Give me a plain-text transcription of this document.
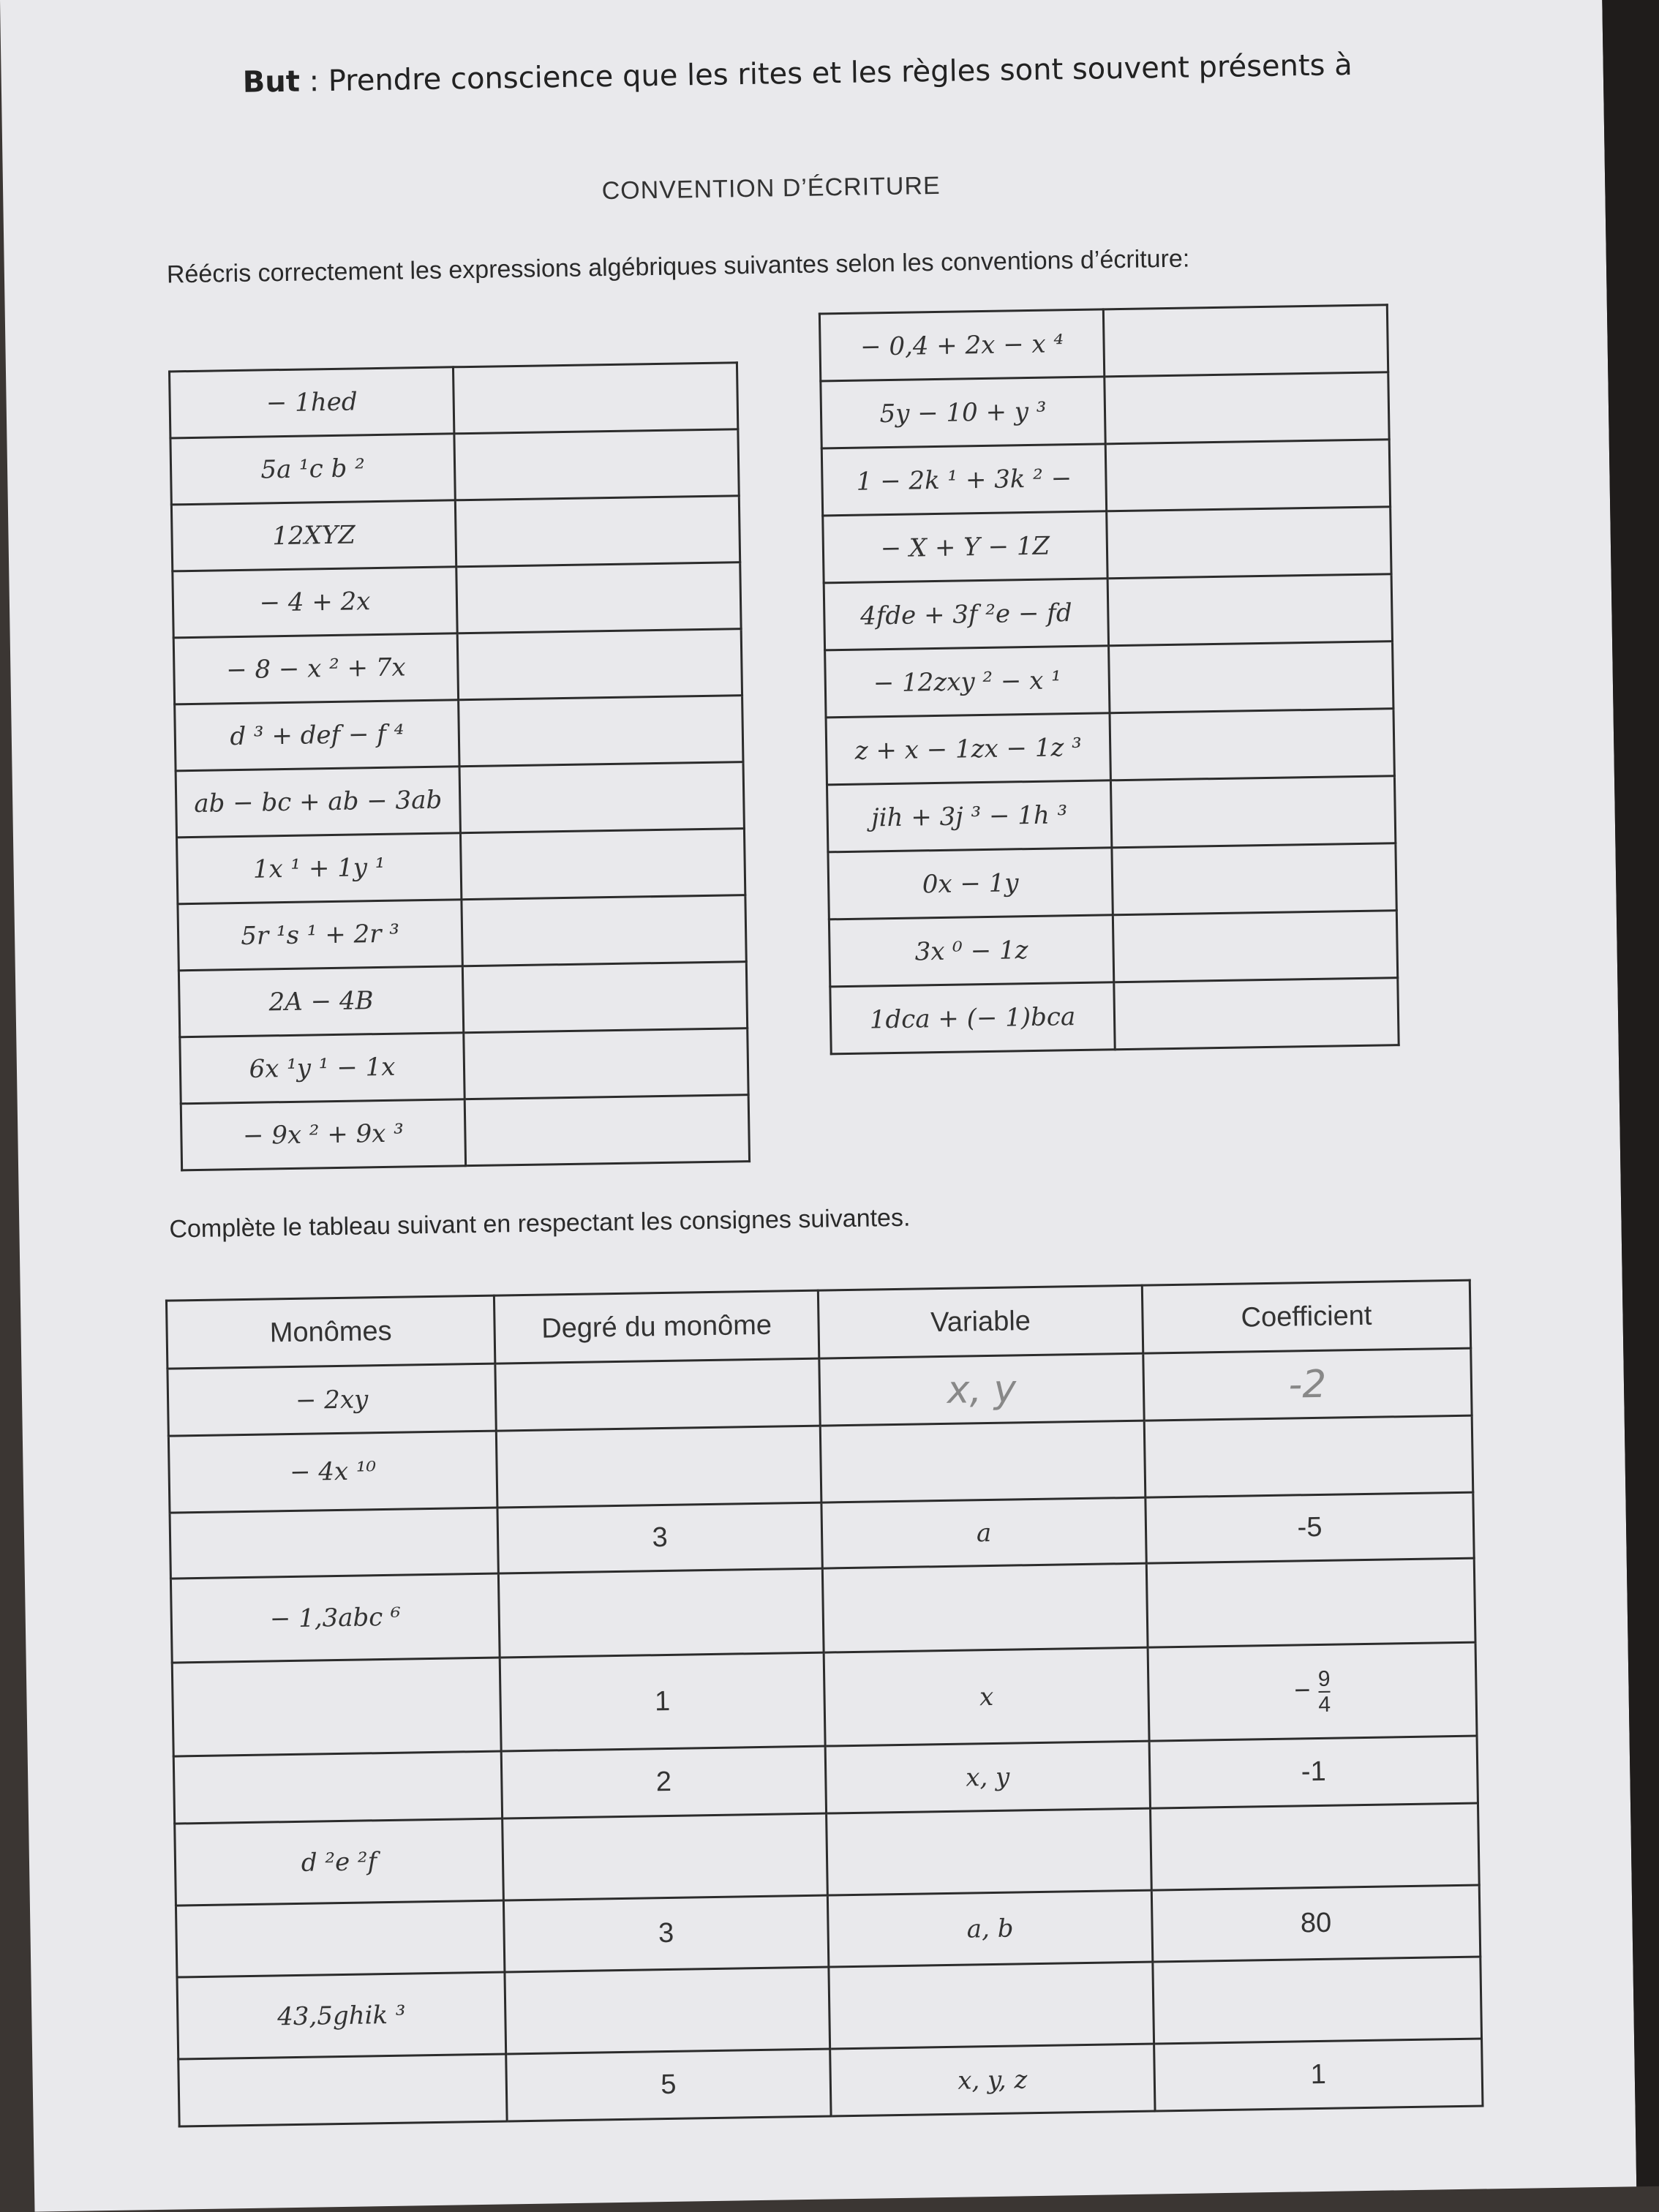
But : Prendre conscience que les rites et les règles sont souvent présents à
CONVENTION D’ÉCRITURE
Réécris correctement les expressions algébriques suivantes selon les conventions d’écriture:
− 1hed	
5a ¹c b ²	
12XYZ	
− 4 + 2x	
− 8 − x ² + 7x	
d ³ + def − f ⁴	
ab − bc + ab − 3ab	
1x ¹ + 1y ¹	
5r ¹s ¹ + 2r ³	
2A − 4B	
6x ¹y ¹ − 1x	
− 9x ² + 9x ³	
− 0,4 + 2x − x ⁴	
5y − 10 + y ³	
1 − 2k ¹ + 3k ² −	
− X + Y − 1Z	
4fde + 3f ²e − fd	
− 12zxy ² − x ¹	
z + x − 1zx − 1z ³	
jih + 3j ³ − 1h ³	
0x − 1y	
3x ⁰ − 1z	
1dca + (− 1)bca	
Complète le tableau suivant en respectant les consignes suivantes.
Monômes	Degré du monôme	Variable	Coefficient
− 2xy		x, y	-2
− 4x ¹⁰			
	3	a	-5
− 1,3abc ⁶			
	1	x	− $\frac{9}{4}$

	2	x, y	-1
d ²e ²f			
	3	a, b	80
43,5ghik ³			
	5	x, y, z	1
